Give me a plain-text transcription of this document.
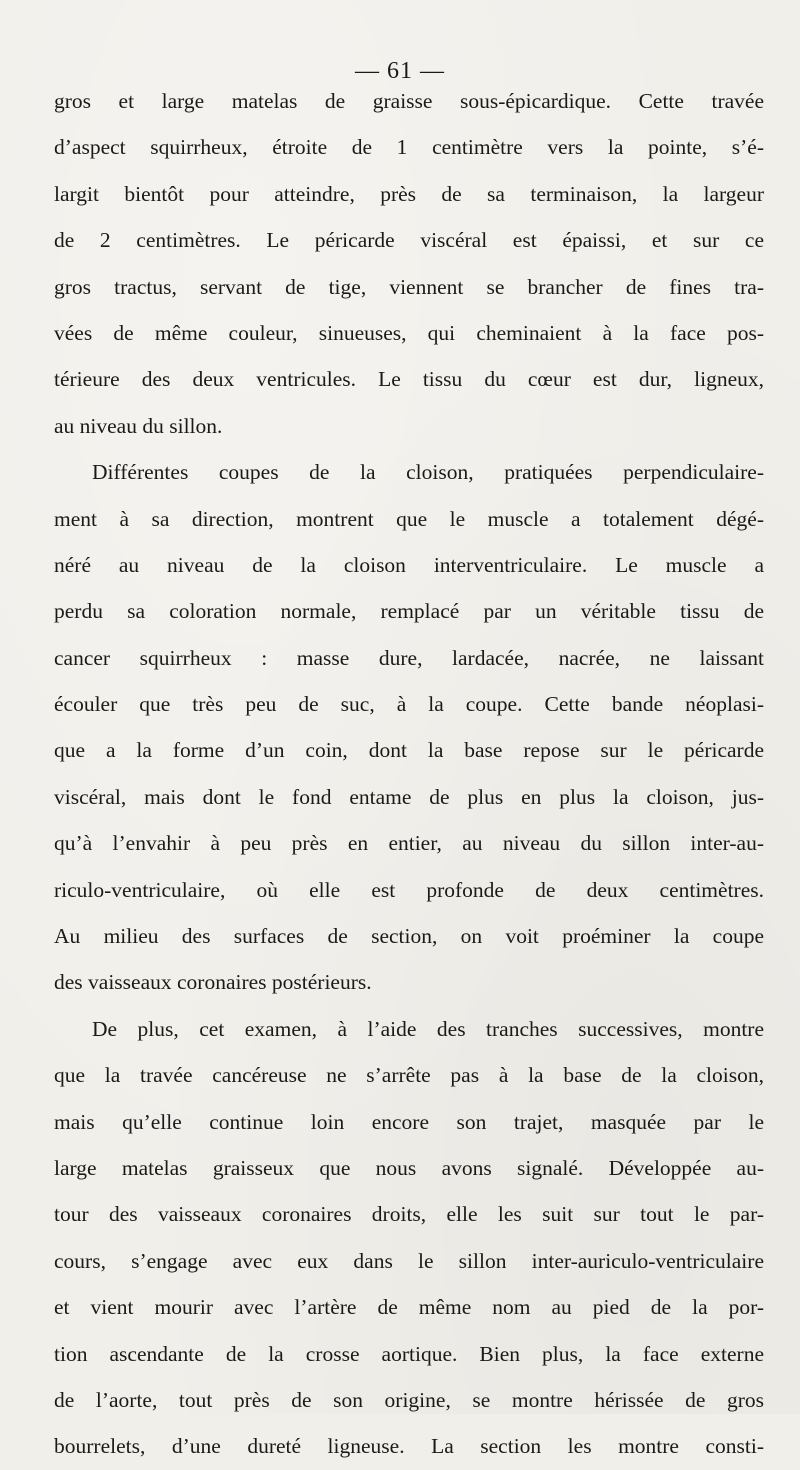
— 61 —
gros et large matelas de graisse sous-épicardique. Cette travée
d’aspect squirrheux, étroite de 1 centimètre vers la pointe, s’é-
largit bientôt pour atteindre, près de sa terminaison, la largeur
de 2 centimètres. Le péricarde viscéral est épaissi, et sur ce
gros tractus, servant de tige, viennent se brancher de fines tra-
vées de même couleur, sinueuses, qui cheminaient à la face pos-
térieure des deux ventricules. Le tissu du cœur est dur, ligneux,
au niveau du sillon.
Différentes coupes de la cloison, pratiquées perpendiculaire-
ment à sa direction, montrent que le muscle a totalement dégé-
néré au niveau de la cloison interventriculaire. Le muscle a
perdu sa coloration normale, remplacé par un véritable tissu de
cancer squirrheux : masse dure, lardacée, nacrée, ne laissant
écouler que très peu de suc, à la coupe. Cette bande néoplasi-
que a la forme d’un coin, dont la base repose sur le péricarde
viscéral, mais dont le fond entame de plus en plus la cloison, jus-
qu’à l’envahir à peu près en entier, au niveau du sillon inter-au-
riculo-ventriculaire, où elle est profonde de deux centimètres.
Au milieu des surfaces de section, on voit proéminer la coupe
des vaisseaux coronaires postérieurs.
De plus, cet examen, à l’aide des tranches successives, montre
que la travée cancéreuse ne s’arrête pas à la base de la cloison,
mais qu’elle continue loin encore son trajet, masquée par le
large matelas graisseux que nous avons signalé. Développée au-
tour des vaisseaux coronaires droits, elle les suit sur tout le par-
cours, s’engage avec eux dans le sillon inter-auriculo-ventriculaire
et vient mourir avec l’artère de même nom au pied de la por-
tion ascendante de la crosse aortique. Bien plus, la face externe
de l’aorte, tout près de son origine, se montre hérissée de gros
bourrelets, d’une dureté ligneuse. La section les montre consti-
